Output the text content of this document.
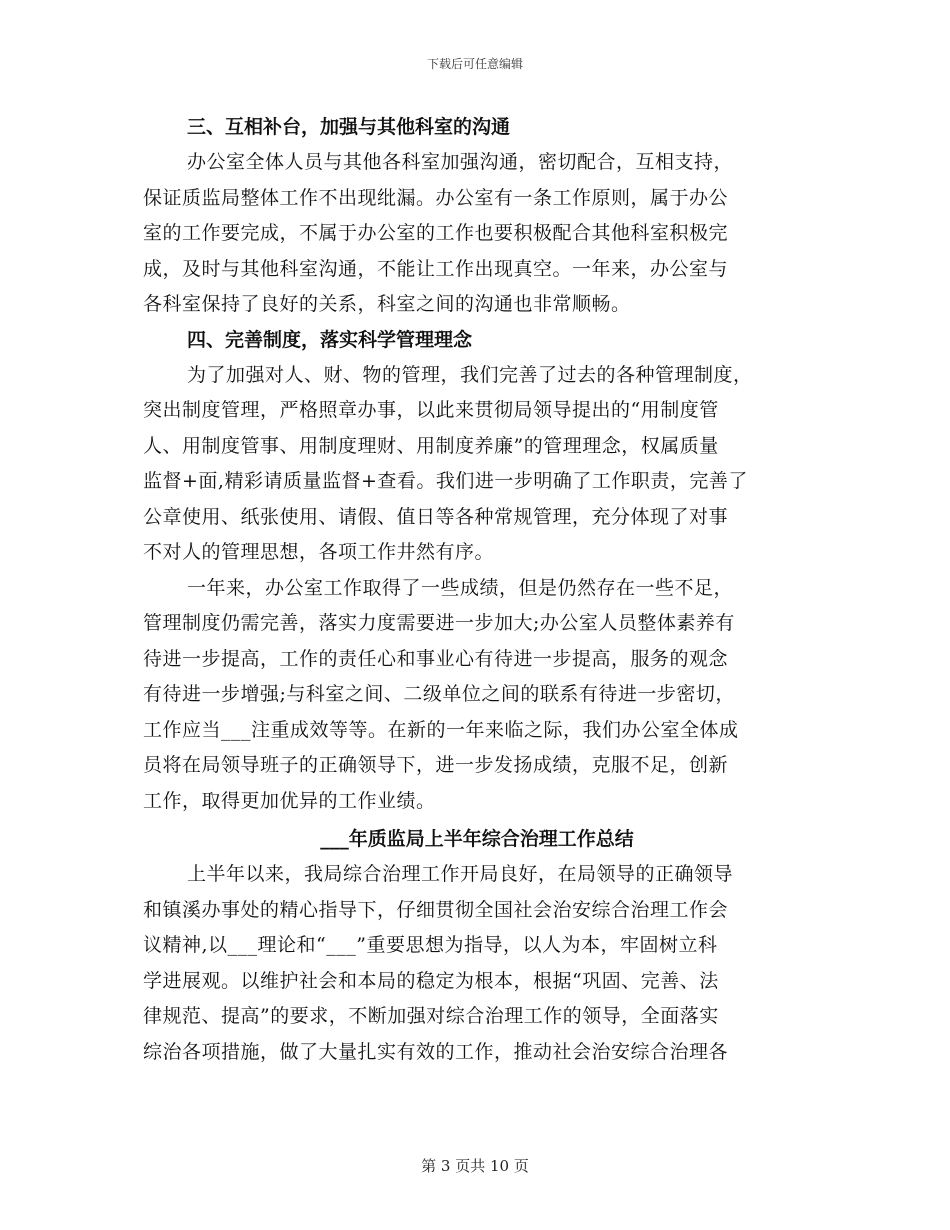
下载后可任意编辑
三、互相补台，加强与其他科室的沟通
办公室全体人员与其他各科室加强沟通，密切配合，互相支持，
保证质监局整体工作不出现纰漏。办公室有一条工作原则，属于办公
室的工作要完成，不属于办公室的工作也要积极配合其他科室积极完
成，及时与其他科室沟通，不能让工作出现真空。一年来，办公室与
各科室保持了良好的关系，科室之间的沟通也非常顺畅。
四、完善制度，落实科学管理理念
为了加强对人、财、物的管理，我们完善了过去的各种管理制度，
突出制度管理，严格照章办事，以此来贯彻局领导提出的“用制度管
人、用制度管事、用制度理财、用制度养廉”的管理理念，权属质量
监督+面,精彩请质量监督+查看。我们进一步明确了工作职责，完善了
公章使用、纸张使用、请假、值日等各种常规管理，充分体现了对事
不对人的管理思想，各项工作井然有序。
一年来，办公室工作取得了一些成绩，但是仍然存在一些不足，
管理制度仍需完善，落实力度需要进一步加大;办公室人员整体素养有
待进一步提高，工作的责任心和事业心有待进一步提高，服务的观念
有待进一步增强;与科室之间、二级单位之间的联系有待进一步密切，
工作应当___注重成效等等。在新的一年来临之际，我们办公室全体成
员将在局领导班子的正确领导下，进一步发扬成绩，克服不足，创新
工作，取得更加优异的工作业绩。
___年质监局上半年综合治理工作总结
上半年以来，我局综合治理工作开局良好，在局领导的正确领导
和镇溪办事处的精心指导下，仔细贯彻全国社会治安综合治理工作会
议精神,以___理论和“___”重要思想为指导，以人为本，牢固树立科
学进展观。以维护社会和本局的稳定为根本，根据“巩固、完善、法
律规范、提高”的要求，不断加强对综合治理工作的领导，全面落实
综治各项措施，做了大量扎实有效的工作，推动社会治安综合治理各
第 3 页共 10 页
